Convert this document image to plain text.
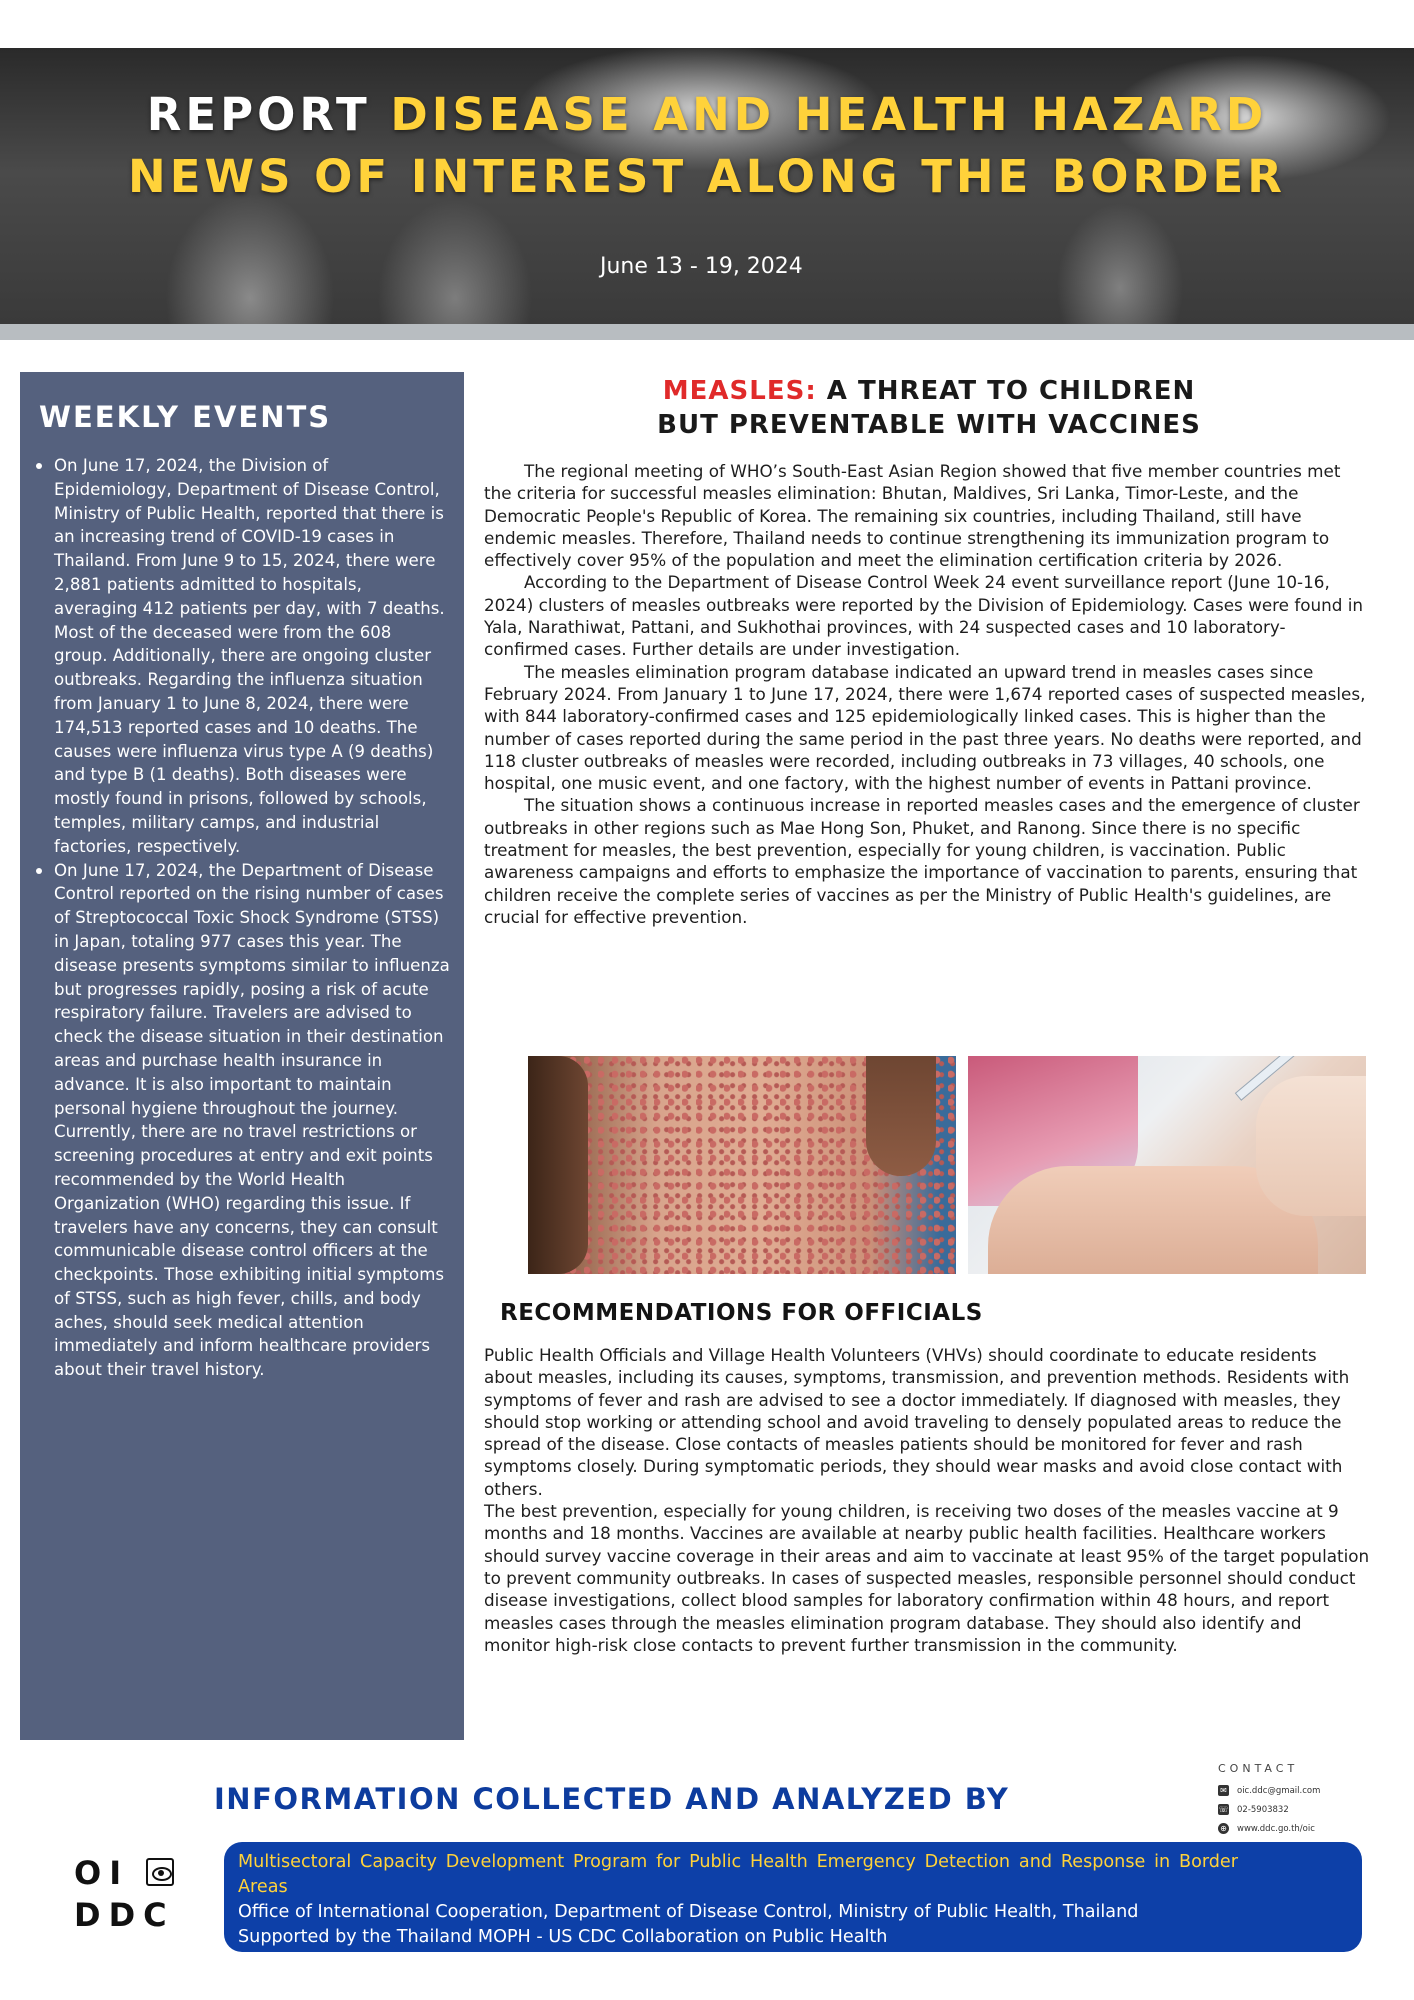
REPORT DISEASE AND HEALTH HAZARD
NEWS OF INTEREST ALONG THE BORDER
June 13 - 19, 2024
WEEKLY EVENTS
On June 17, 2024, the Division of Epidemiology, Department of Disease Control, Ministry of Public Health, reported that there is an increasing trend of COVID-19 cases in Thailand. From June 9 to 15, 2024, there were 2,881 patients admitted to hospitals, averaging 412 patients per day, with 7 deaths. Most of the deceased were from the 608 group. Additionally, there are ongoing cluster outbreaks. Regarding the influenza situation from January 1 to June 8, 2024, there were 174,513 reported cases and 10 deaths. The causes were influenza virus type A (9 deaths) and type B (1 deaths). Both diseases were mostly found in prisons, followed by schools, temples, military camps, and industrial factories, respectively.
On June 17, 2024, the Department of Disease Control reported on the rising number of cases of Streptococcal Toxic Shock Syndrome (STSS) in Japan, totaling 977 cases this year. The disease presents symptoms similar to influenza but progresses rapidly, posing a risk of acute respiratory failure. Travelers are advised to check the disease situation in their destination areas and purchase health insurance in advance. It is also important to maintain personal hygiene throughout the journey. Currently, there are no travel restrictions or screening procedures at entry and exit points recommended by the World Health Organization (WHO) regarding this issue. If travelers have any concerns, they can consult communicable disease control officers at the checkpoints. Those exhibiting initial symptoms of STSS, such as high fever, chills, and body aches, should seek medical attention immediately and inform healthcare providers about their travel history.
MEASLES: A THREAT TO CHILDREN
BUT PREVENTABLE WITH VACCINES

The regional meeting of WHO’s South-East Asian Region showed that five member countries met the criteria for successful measles elimination: Bhutan, Maldives, Sri Lanka, Timor-Leste, and the Democratic People's Republic of Korea. The remaining six countries, including Thailand, still have endemic measles. Therefore, Thailand needs to continue strengthening its immunization program to effectively cover 95% of the population and meet the elimination certification criteria by 2026.

According to the Department of Disease Control Week 24 event surveillance report (June 10-16, 2024) clusters of measles outbreaks were reported by the Division of Epidemiology. Cases were found in Yala, Narathiwat, Pattani, and Sukhothai provinces, with 24 suspected cases and 10 laboratory-confirmed cases. Further details are under investigation.

The measles elimination program database indicated an upward trend in measles cases since February 2024. From January 1 to June 17, 2024, there were 1,674 reported cases of suspected measles, with 844 laboratory-confirmed cases and 125 epidemiologically linked cases. This is higher than the number of cases reported during the same period in the past three years. No deaths were reported, and 118 cluster outbreaks of measles were recorded, including outbreaks in 73 villages, 40 schools, one hospital, one music event, and one factory, with the highest number of events in Pattani province.

The situation shows a continuous increase in reported measles cases and the emergence of cluster outbreaks in other regions such as Mae Hong Son, Phuket, and Ranong. Since there is no specific treatment for measles, the best prevention, especially for young children, is vaccination. Public awareness campaigns and efforts to emphasize the importance of vaccination to parents, ensuring that children receive the complete series of vaccines as per the Ministry of Public Health's guidelines, are crucial for effective prevention.

RECOMMENDATIONS FOR OFFICIALS

Public Health Officials and Village Health Volunteers (VHVs) should coordinate to educate residents about measles, including its causes, symptoms, transmission, and prevention methods. Residents with symptoms of fever and rash are advised to see a doctor immediately. If diagnosed with measles, they should stop working or attending school and avoid traveling to densely populated areas to reduce the spread of the disease. Close contacts of measles patients should be monitored for fever and rash symptoms closely. During symptomatic periods, they should wear masks and avoid close contact with others.

The best prevention, especially for young children, is receiving two doses of the measles vaccine at 9 months and 18 months. Vaccines are available at nearby public health facilities. Healthcare workers should survey vaccine coverage in their areas and aim to vaccinate at least 95% of the target population to prevent community outbreaks. In cases of suspected measles, responsible personnel should conduct disease investigations, collect blood samples for laboratory confirmation within 48 hours, and report measles cases through the measles elimination program database. They should also identify and monitor high-risk close contacts to prevent further transmission in the community.

INFORMATION COLLECTED AND ANALYZED BY
CONTACT
✉ oic.ddc@gmail.com
☏ 02-5903832
⊕ www.ddc.go.th/oic
OI
DDC
Multisectoral Capacity Development Program for Public Health Emergency Detection and Response in Border Areas
Office of International Cooperation, Department of Disease Control, Ministry of Public Health, Thailand
Supported by the Thailand MOPH - US CDC Collaboration on Public Health
